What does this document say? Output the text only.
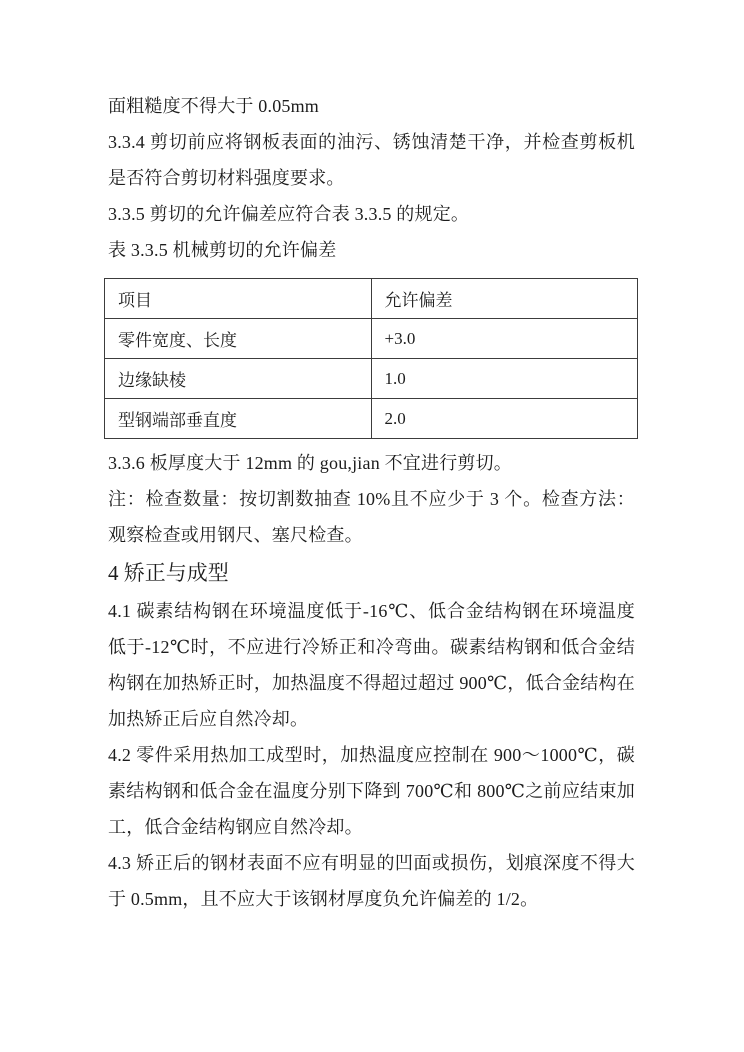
面粗糙度不得大于 0.05mm

3.3.4 剪切前应将钢板表面的油污、锈蚀清楚干净，并检查剪板机是否符合剪切材料强度要求。

3.3.5 剪切的允许偏差应符合表 3.3.5 的规定。

表 3.3.5 机械剪切的允许偏差

项目	允许偏差
零件宽度、长度	+3.0
边缘缺棱	1.0
型钢端部垂直度	2.0

3.3.6 板厚度大于 12mm 的 gou,jian 不宜进行剪切。

注：检查数量：按切割数抽查 10%且不应少于 3 个。检查方法：观察检查或用钢尺、塞尺检查。

4 矫正与成型

4.1 碳素结构钢在环境温度低于-16℃、低合金结构钢在环境温度低于-12℃时，不应进行冷矫正和冷弯曲。碳素结构钢和低合金结构钢在加热矫正时，加热温度不得超过超过 900℃，低合金结构在加热矫正后应自然冷却。

4.2 零件采用热加工成型时，加热温度应控制在 900～1000℃，碳素结构钢和低合金在温度分别下降到 700℃和 800℃之前应结束加工，低合金结构钢应自然冷却。

4.3 矫正后的钢材表面不应有明显的凹面或损伤，划痕深度不得大于 0.5mm，且不应大于该钢材厚度负允许偏差的 1/2。
